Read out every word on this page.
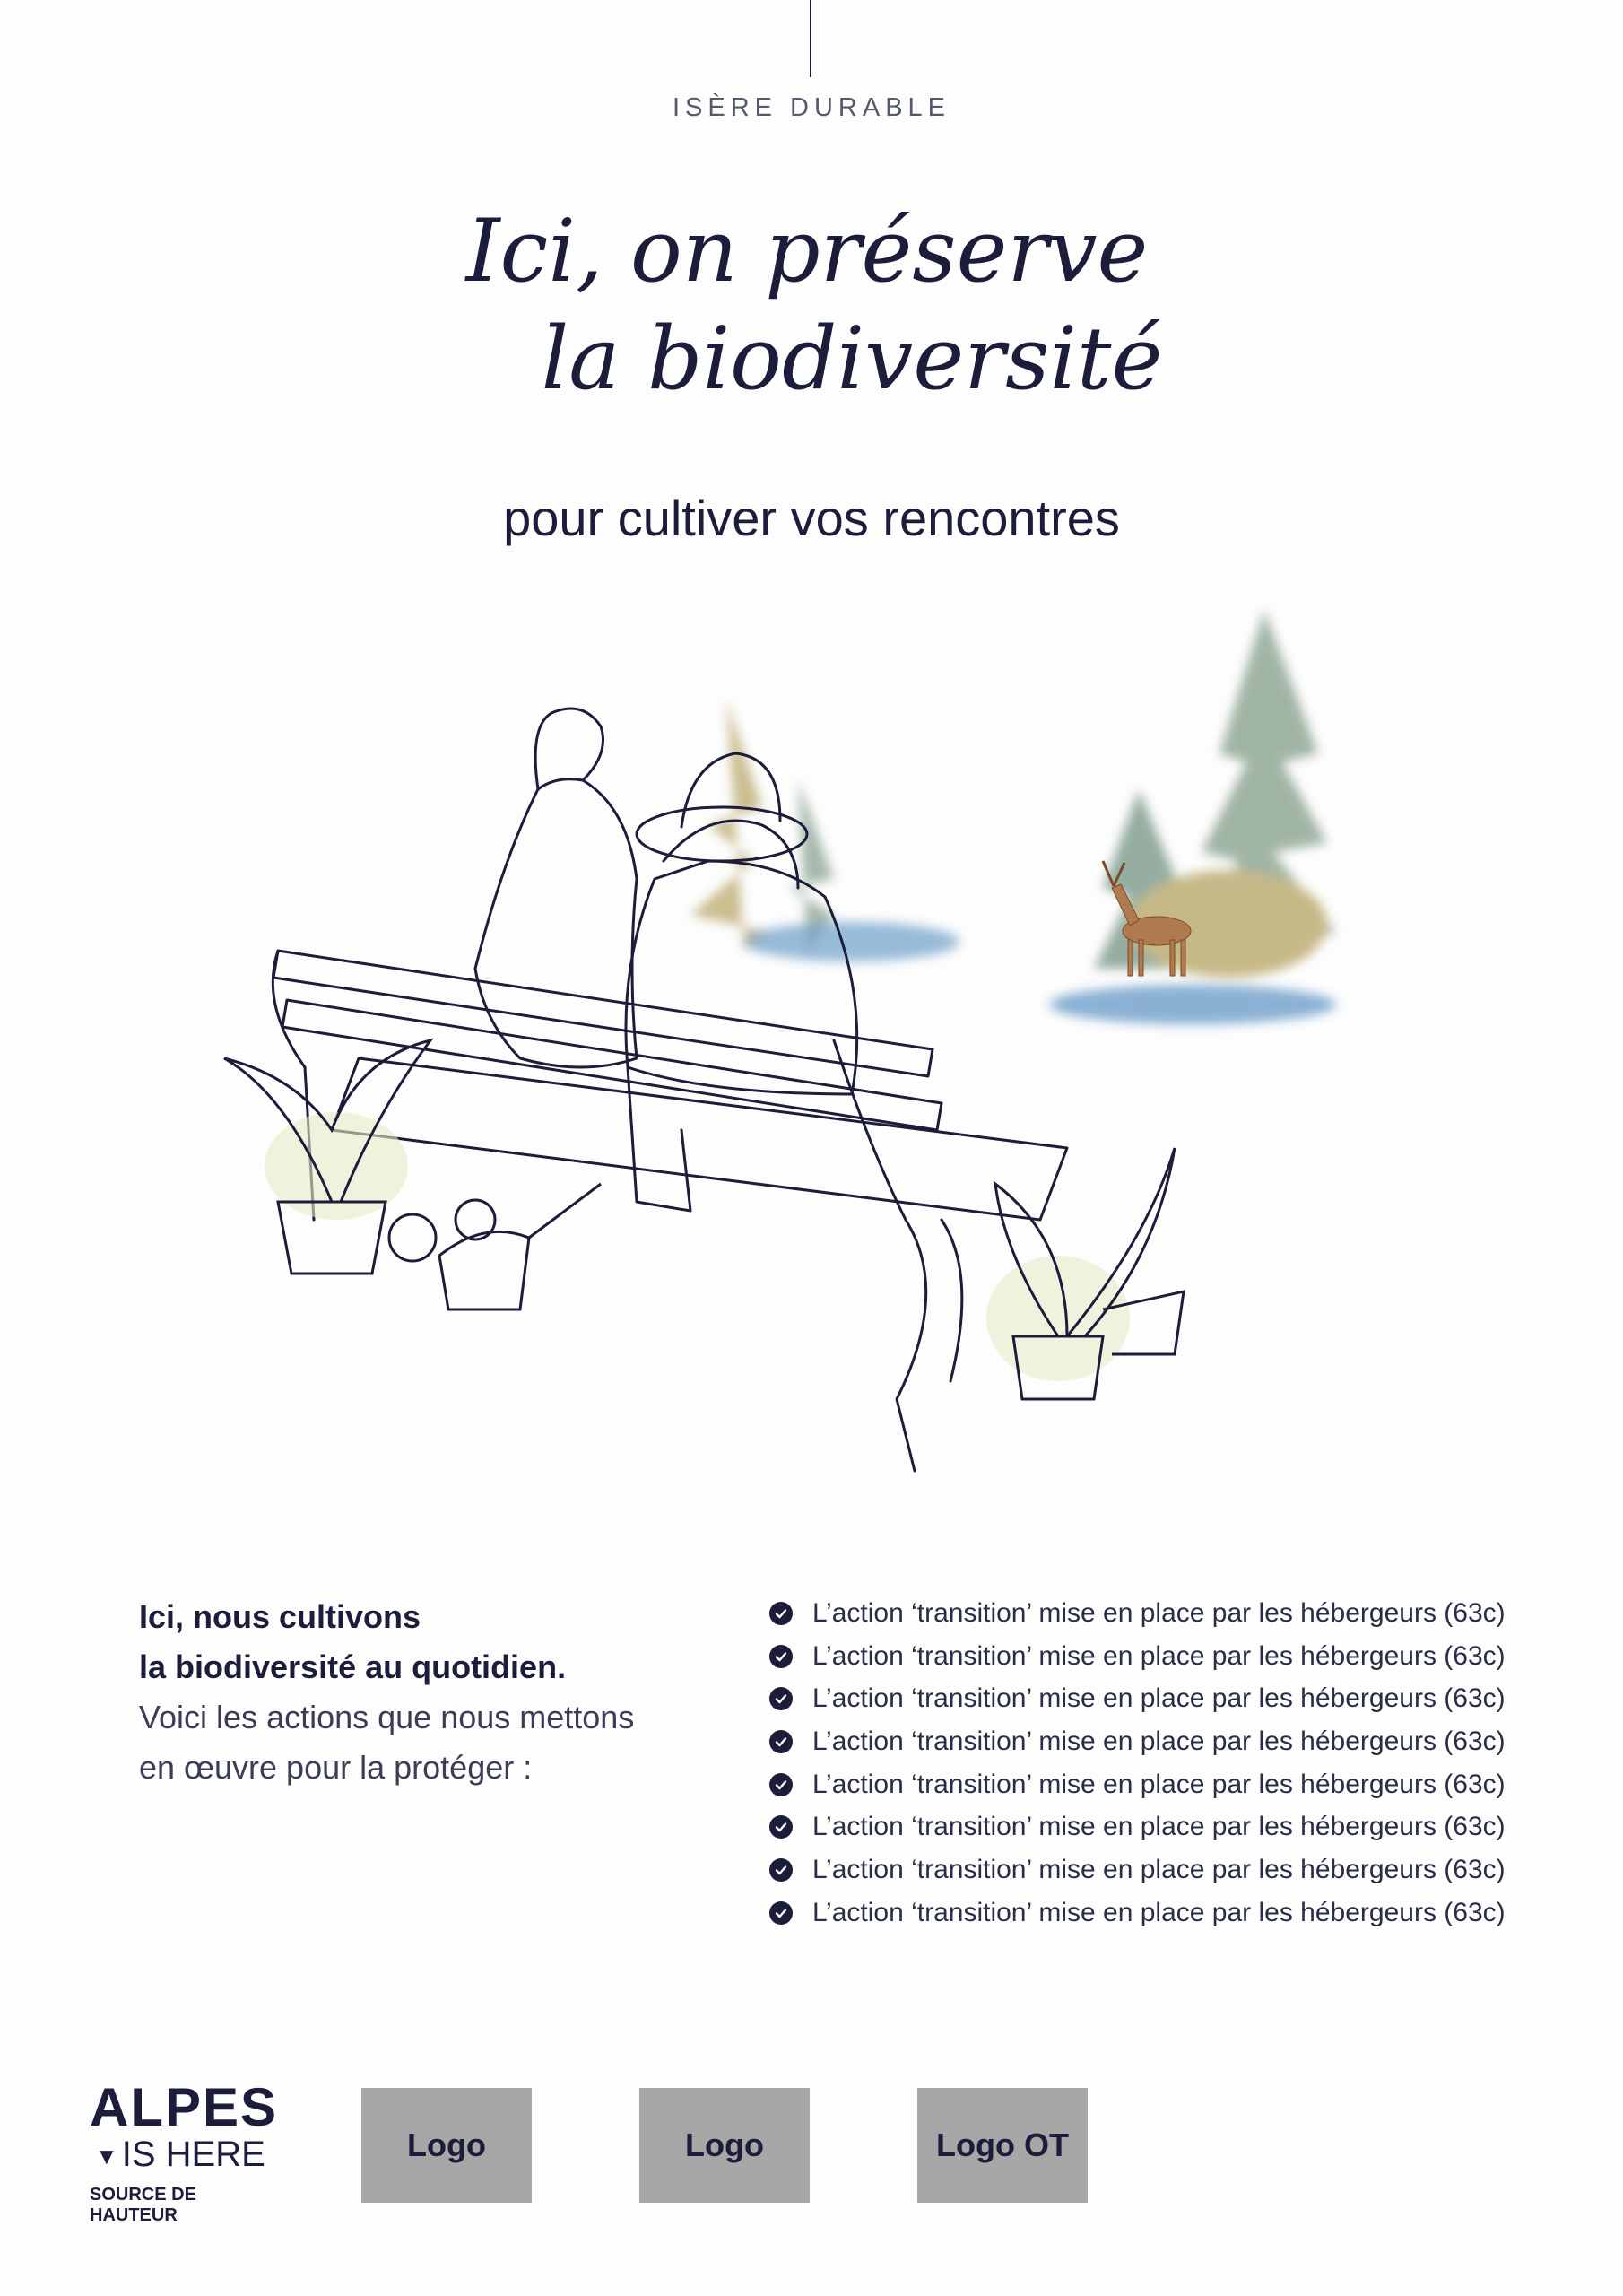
ISÈRE DURABLE
Ici, on préserve
la biodiversité
pour cultiver vos rencontres
Ici, nous cultivons
la biodiversité au quotidien.
Voici les actions que nous mettons
en œuvre pour la protéger :
L’action ‘transition’ mise en place par les hébergeurs (63c)
L’action ‘transition’ mise en place par les hébergeurs (63c)
L’action ‘transition’ mise en place par les hébergeurs (63c)
L’action ‘transition’ mise en place par les hébergeurs (63c)
L’action ‘transition’ mise en place par les hébergeurs (63c)
L’action ‘transition’ mise en place par les hébergeurs (63c)
L’action ‘transition’ mise en place par les hébergeurs (63c)
L’action ‘transition’ mise en place par les hébergeurs (63c)
ALPES
▼ IS HERE
SOURCE DE HAUTEUR
Logo	Logo	Logo OT
